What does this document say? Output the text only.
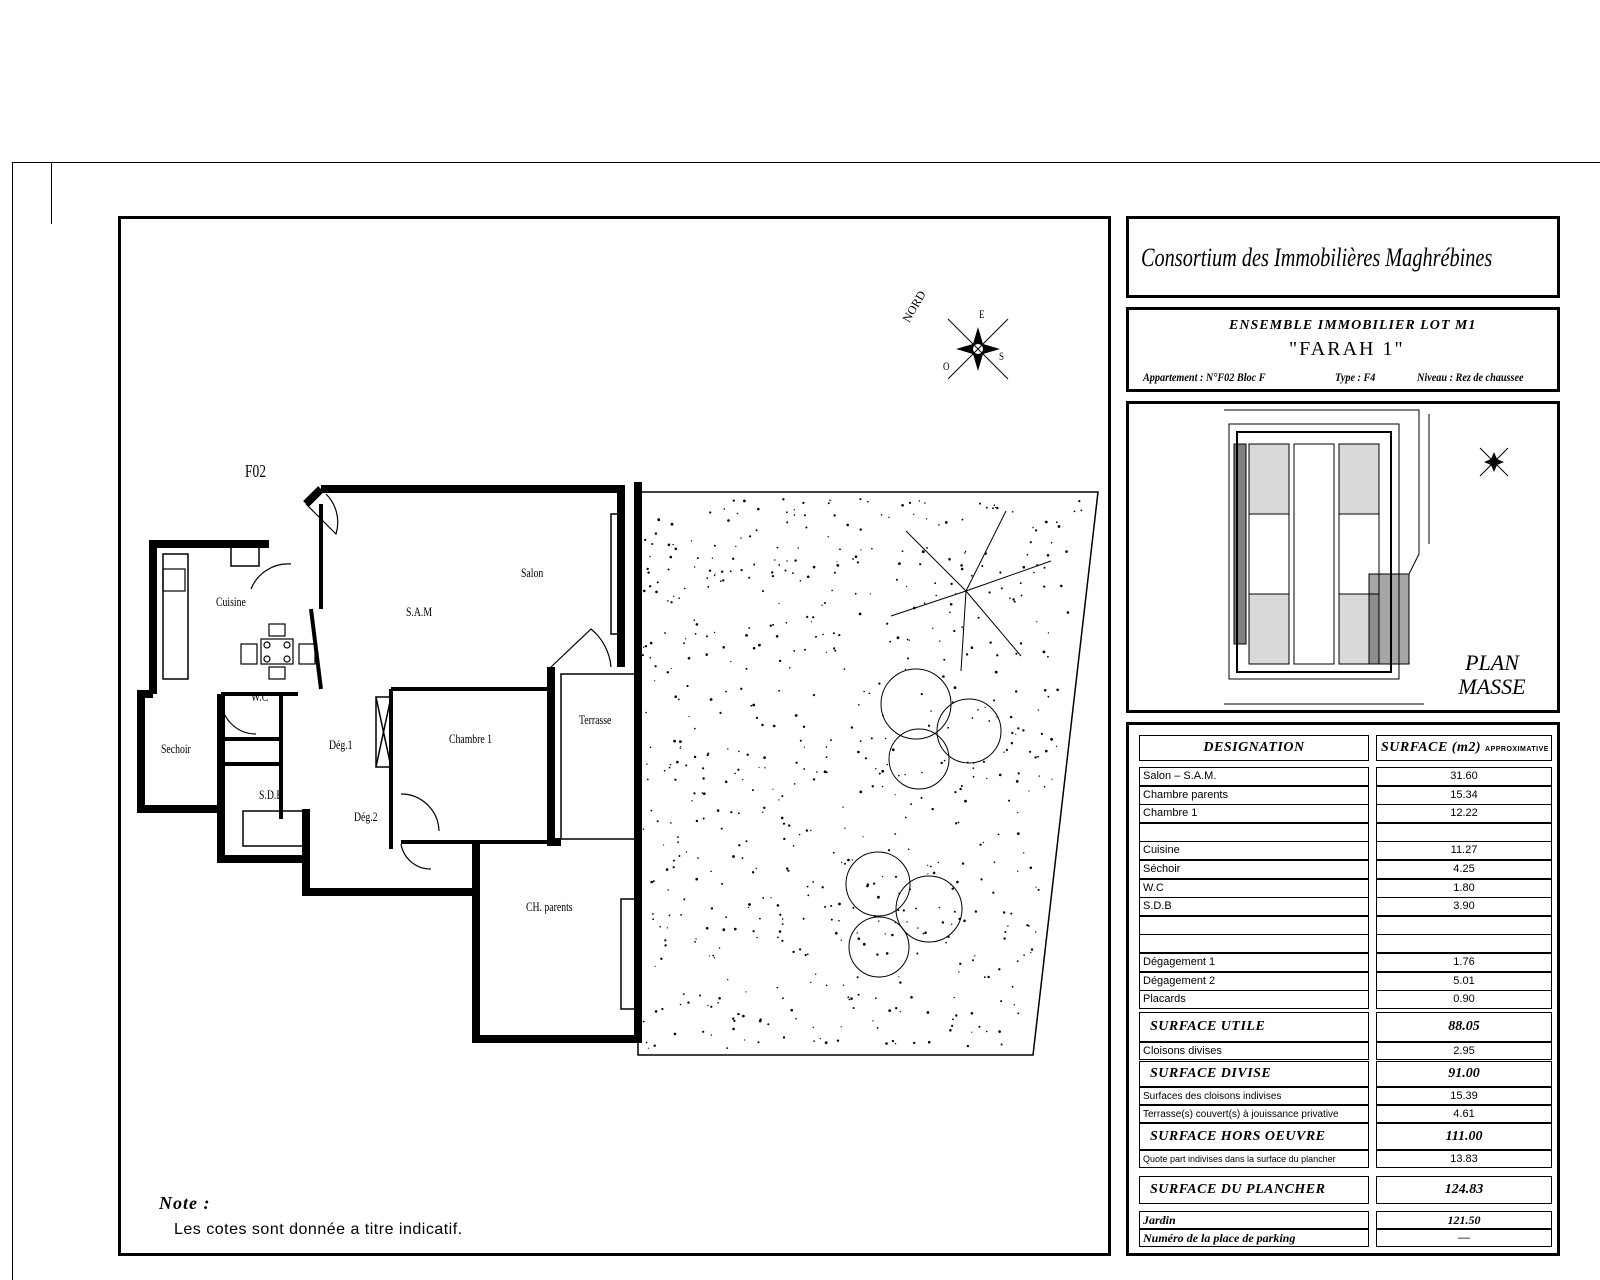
F02
Cuisine
Salon
S.A.M
W.C
Sechoir	Dég.1
S.D.B
Dég.2
Chambre 1
Terrasse
CH. parents
NORD	E
S
O
Note :
Les cotes sont donnée a titre indicatif.
Consortium des Immobilières Maghrébines
ENSEMBLE IMMOBILIER LOT M1
"FARAH 1"
Appartement : N°F02 Bloc F	Type : F4	Niveau : Rez de chaussee
PLAN
MASSE
DESIGNATION	SURFACE (m2) APPROXIMATIVE
Salon – S.A.M.	31.60
Chambre parents	15.34
Chambre 1	12.22
Cuisine	11.27
Séchoir	4.25
W.C	1.80
S.D.B	3.90
Dégagement 1	1.76
Dégagement 2	5.01
Placards	0.90
SURFACE UTILE	88.05
Cloisons divises	2.95
SURFACE DIVISE	91.00
Surfaces des cloisons indivises	15.39
Terrasse(s) couvert(s) à jouissance privative	4.61
SURFACE HORS OEUVRE	111.00
Quote part indivises dans la surface du plancher	13.83
SURFACE DU PLANCHER	124.83
Jardin	121.50
Numéro de la place de parking	––
